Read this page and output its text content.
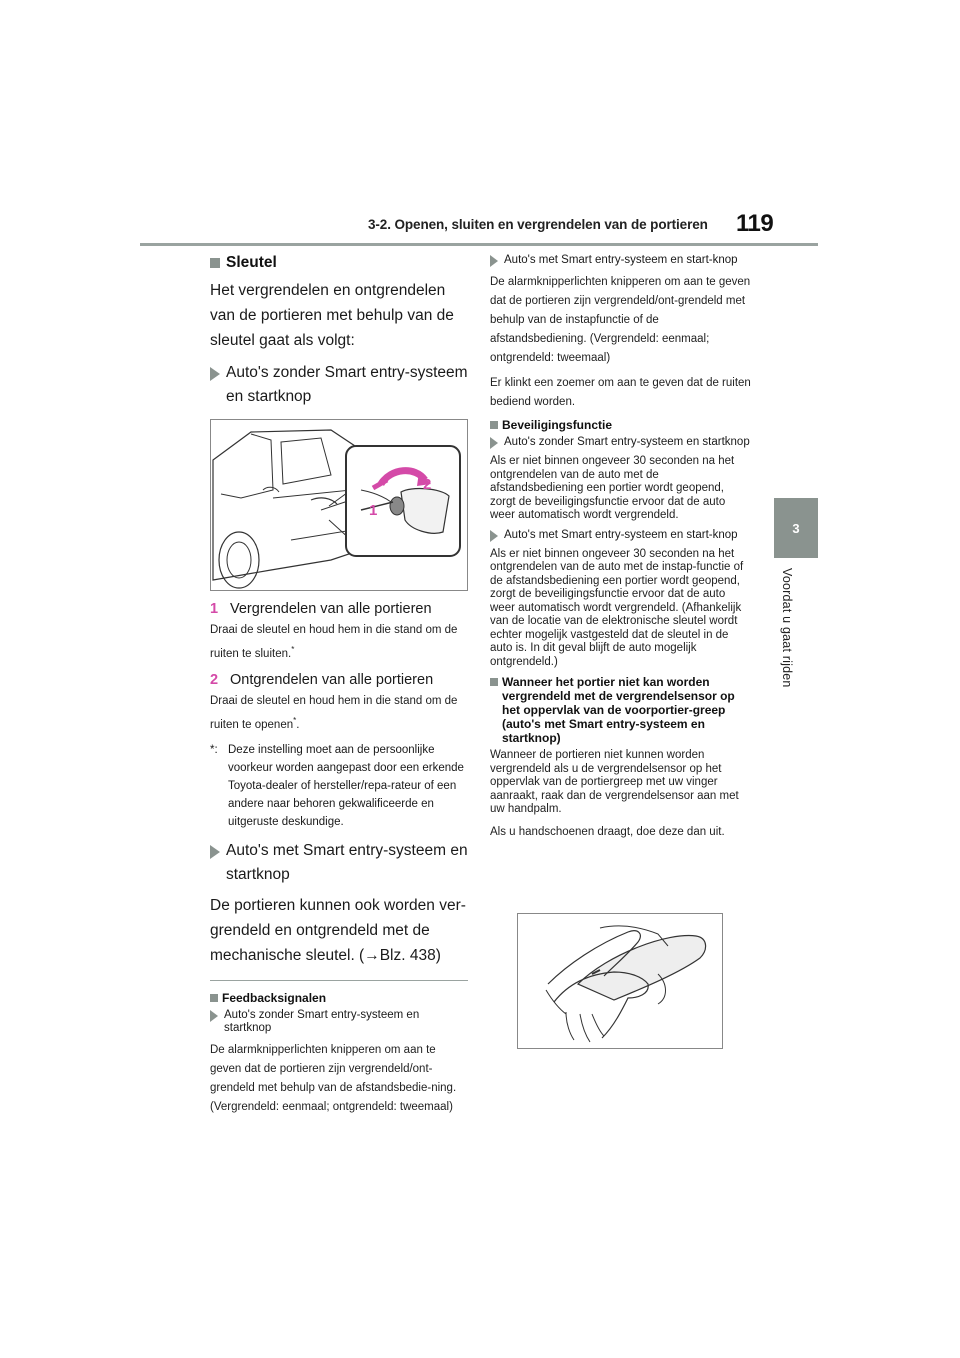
3-2. Openen, sluiten en vergrendelen van de portieren 119
3
Voordat u gaat rijden
Sleutel

Het vergrendelen en ontgrendelen van de portieren met behulp van de sleutel gaat als volgt:

Auto's zonder Smart entry-systeem en startknop
1
2
1 Vergrendelen van alle portieren

Draai de sleutel en houd hem in die stand om de ruiten te sluiten.*

2 Ontgrendelen van alle portieren

Draai de sleutel en houd hem in die stand om de ruiten te openen*.

*: Deze instelling moet aan de persoonlijke voorkeur worden aangepast door een erkende Toyota-dealer of hersteller/repa-rateur of een andere naar behoren gekwalificeerde en uitgeruste deskundige.
Auto's met Smart entry-systeem en startknop

De portieren kunnen ook worden ver-grendeld en ontgrendeld met de mechanische sleutel. (→Blz. 438)

Feedbacksignalen
Auto's zonder Smart entry-systeem en startknop

De alarmknipperlichten knipperen om aan te geven dat de portieren zijn vergrendeld/ont-grendeld met behulp van de afstandsbedie-ning. (Vergrendeld: eenmaal; ontgrendeld: tweemaal)

Auto's met Smart entry-systeem en start-knop

De alarmknipperlichten knipperen om aan te geven dat de portieren zijn vergrendeld/ont-grendeld met behulp van de instapfunctie of de afstandsbediening. (Vergrendeld: eenmaal; ontgrendeld: tweemaal)

Er klinkt een zoemer om aan te geven dat de ruiten bediend worden.

Beveiligingsfunctie
Auto's zonder Smart entry-systeem en startknop

Als er niet binnen ongeveer 30 seconden na het ontgrendelen van de auto met de afstandsbediening een portier wordt geopend, zorgt de beveiligingsfunctie ervoor dat de auto weer automatisch wordt vergrendeld.

Auto's met Smart entry-systeem en start-knop

Als er niet binnen ongeveer 30 seconden na het ontgrendelen van de auto met de instap-functie of de afstandsbediening een portier wordt geopend, zorgt de beveiligingsfunctie ervoor dat de auto weer automatisch wordt vergrendeld. (Afhankelijk van de locatie van de elektronische sleutel wordt echter mogelijk vastgesteld dat de sleutel in de auto is. In dit geval blijft de auto mogelijk ontgrendeld.)

Wanneer het portier niet kan worden vergrendeld met de vergrendelsensor op het oppervlak van de voorportier-greep (auto's met Smart entry-systeem en startknop)

Wanneer de portieren niet kunnen worden vergrendeld als u de vergrendelsensor op het oppervlak van de portiergreep met uw vinger aanraakt, raak dan de vergrendelsensor aan met uw handpalm.

Als u handschoenen draagt, doe deze dan uit.
